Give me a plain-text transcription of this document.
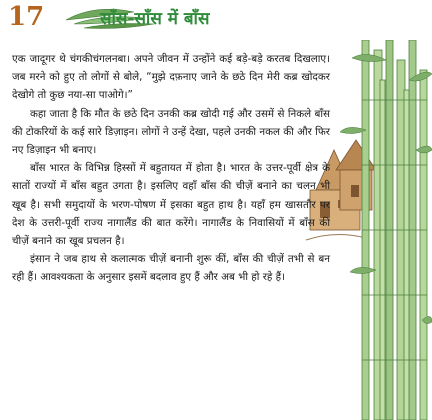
17	साँस-साँस में बाँस

एक जादूगर थे चंगकीचंगलनबा। अपने जीवन में उन्होंने कई बड़े-बड़े करतब दिखलाए। जब मरने को हुए तो लोगों से बोले, “मुझे दफ़नाए जाने के छठे दिन मेरी कब्र खोदकर देखोगे तो कुछ नया-सा पाओगे।”

कहा जाता है कि मौत के छठे दिन उनकी कब्र खोदी गई और उसमें से निकले बाँस की टोकरियों के कई सारे डिज़ाइन। लोगों ने उन्हें देखा, पहले उनकी नकल की और फिर नए डिज़ाइन भी बनाए।

बाँस भारत के विभिन्न हिस्सों में बहुतायत में होता है। भारत के उत्तर-पूर्वी क्षेत्र के सातों राज्यों में बाँस बहुत उगता है। इसलिए वहाँ बाँस की चीज़ें बनाने का चलन भी खूब है। सभी समुदायों के भरण-पोषण में इसका बहुत हाथ है। यहाँ हम खासतौर पर देश के उत्तरी-पूर्वी राज्य नागालैंड की बात करेंगे। नागालैंड के निवासियों में बाँस की चीज़ें बनाने का खूब प्रचलन है।

इंसान ने जब हाथ से कलात्मक चीज़ें बनानी शुरू कीं, बाँस की चीज़ें तभी से बन रही हैं। आवश्यकता के अनुसार इसमें बदलाव हुए हैं और अब भी हो रहे हैं।
